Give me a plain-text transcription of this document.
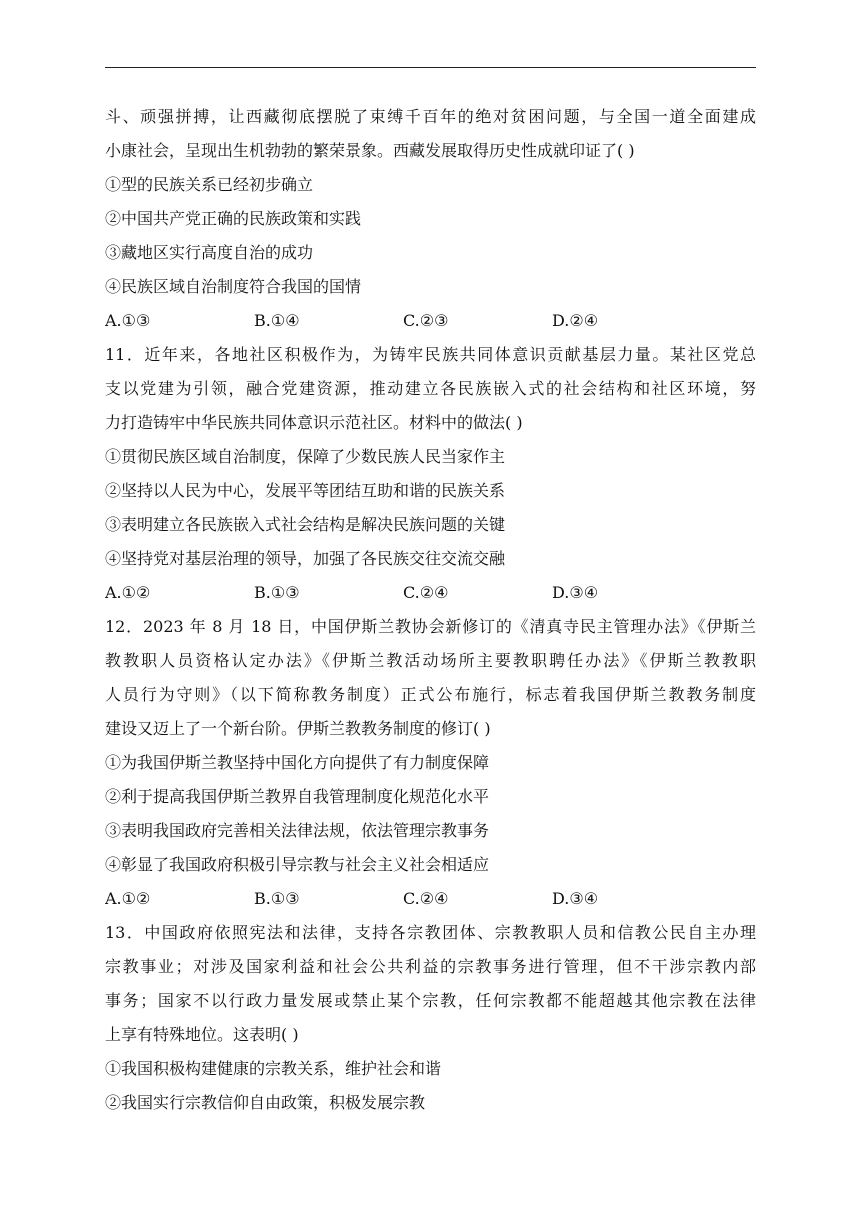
斗、顽强拼搏，让西藏彻底摆脱了束缚千百年的绝对贫困问题，与全国一道全面建成
小康社会，呈现出生机勃勃的繁荣景象。西藏发展取得历史性成就印证了( )
①型的民族关系已经初步确立
②中国共产党正确的民族政策和实践
③藏地区实行高度自治的成功
④民族区域自治制度符合我国的国情
A.①③	B.①④	C.②③	D.②④
11．近年来，各地社区积极作为，为铸牢民族共同体意识贡献基层力量。某社区党总
支以党建为引领，融合党建资源，推动建立各民族嵌入式的社会结构和社区环境，努
力打造铸牢中华民族共同体意识示范社区。材料中的做法( )
①贯彻民族区域自治制度，保障了少数民族人民当家作主
②坚持以人民为中心，发展平等团结互助和谐的民族关系
③表明建立各民族嵌入式社会结构是解决民族问题的关键
④坚持党对基层治理的领导，加强了各民族交往交流交融
A.①②	B.①③	C.②④	D.③④
12．2023 年 8 月 18 日，中国伊斯兰教协会新修订的《清真寺民主管理办法》《伊斯兰
教教职人员资格认定办法》《伊斯兰教活动场所主要教职聘任办法》《伊斯兰教教职
人员行为守则》（以下简称教务制度）正式公布施行，标志着我国伊斯兰教教务制度
建设又迈上了一个新台阶。伊斯兰教教务制度的修订( )
①为我国伊斯兰教坚持中国化方向提供了有力制度保障
②利于提高我国伊斯兰教界自我管理制度化规范化水平
③表明我国政府完善相关法律法规，依法管理宗教事务
④彰显了我国政府积极引导宗教与社会主义社会相适应
A.①②	B.①③	C.②④	D.③④
13．中国政府依照宪法和法律，支持各宗教团体、宗教教职人员和信教公民自主办理
宗教事业；对涉及国家利益和社会公共利益的宗教事务进行管理，但不干涉宗教内部
事务；国家不以行政力量发展或禁止某个宗教，任何宗教都不能超越其他宗教在法律
上享有特殊地位。这表明( )
①我国积极构建健康的宗教关系，维护社会和谐
②我国实行宗教信仰自由政策，积极发展宗教
